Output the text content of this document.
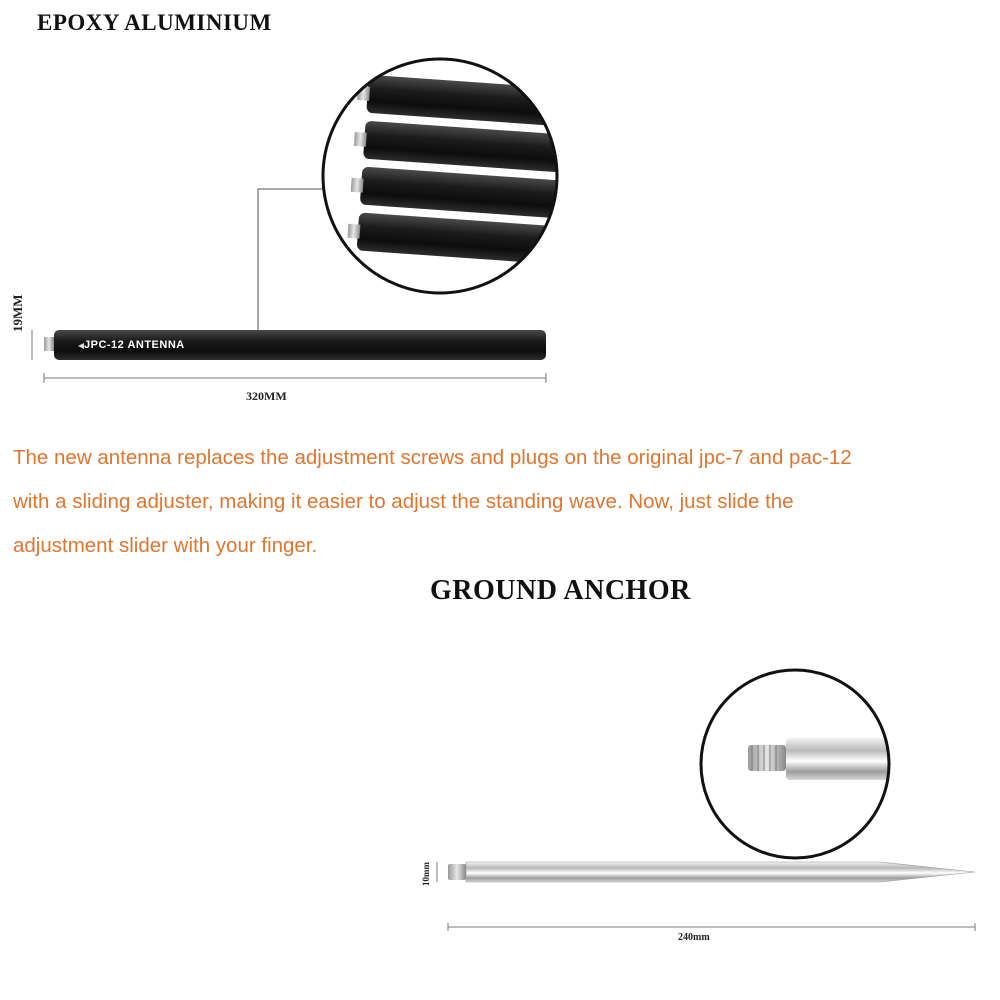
EPOXY ALUMINIUM
JPC-12 ANTENNA
320MM
19MM
The new antenna replaces the adjustment screws and plugs on the original jpc-7 and pac-12
with a sliding adjuster, making it easier to adjust the standing wave. Now, just slide the
adjustment slider with your finger.
GROUND ANCHOR
240mm
10mm
